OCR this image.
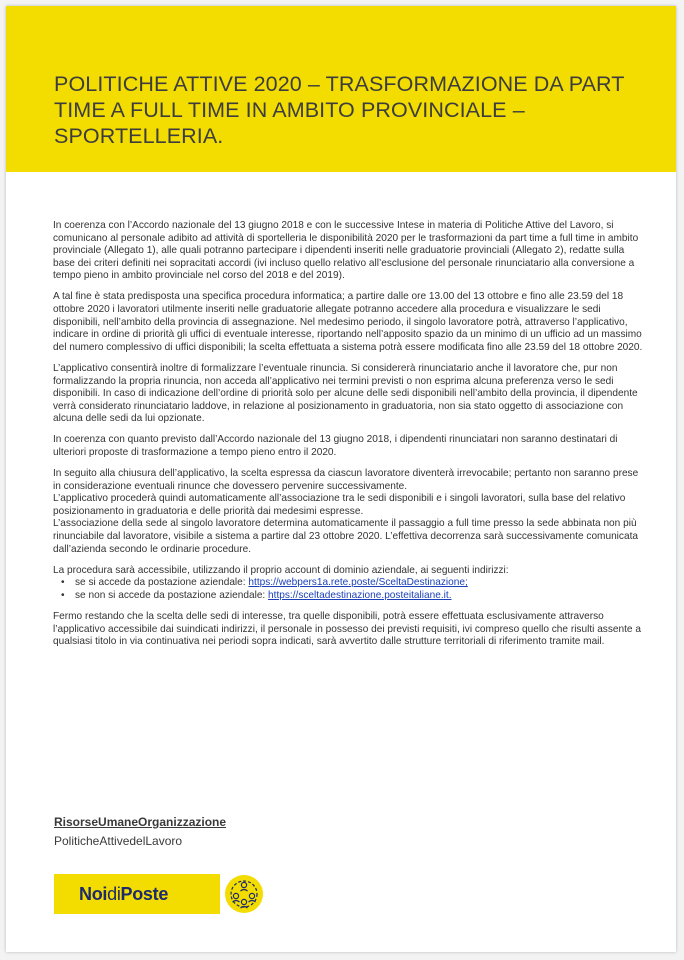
POLITICHE ATTIVE 2020 – TRASFORMAZIONE DA PART TIME A FULL TIME IN AMBITO PROVINCIALE – SPORTELLERIA.

In coerenza con l’Accordo nazionale del 13 giugno 2018 e con le successive Intese in materia di Politiche Attive del Lavoro, si comunicano al personale adibito ad attività di sportelleria le disponibilità 2020 per le trasformazioni da part time a full time in ambito provinciale (Allegato 1), alle quali potranno partecipare i dipendenti inseriti nelle graduatorie provinciali (Allegato 2), redatte sulla base dei criteri definiti nei sopracitati accordi (ivi incluso quello relativo all’esclusione del personale rinunciatario alla conversione a tempo pieno in ambito provinciale nel corso del 2018 e del 2019).

A tal fine è stata predisposta una specifica procedura informatica; a partire dalle ore 13.00 del 13 ottobre e fino alle 23.59 del 18 ottobre 2020 i lavoratori utilmente inseriti nelle graduatorie allegate potranno accedere alla procedura e visualizzare le sedi disponibili, nell’ambito della provincia di assegnazione. Nel medesimo periodo, il singolo lavoratore potrà, attraverso l’applicativo, indicare in ordine di priorità gli uffici di eventuale interesse, riportando nell’apposito spazio da un minimo di un ufficio ad un massimo del numero complessivo di uffici disponibili; la scelta effettuata a sistema potrà essere modificata fino alle 23.59 del 18 ottobre 2020.

L’applicativo consentirà inoltre di formalizzare l’eventuale rinuncia. Si considererà rinunciatario anche il lavoratore che, pur non formalizzando la propria rinuncia, non acceda all’applicativo nei termini previsti o non esprima alcuna preferenza verso le sedi disponibili. In caso di indicazione dell’ordine di priorità solo per alcune delle sedi disponibili nell’ambito della provincia, il dipendente verrà considerato rinunciatario laddove, in relazione al posizionamento in graduatoria, non sia stato oggetto di associazione con alcuna delle sedi da lui opzionate.

In coerenza con quanto previsto dall’Accordo nazionale del 13 giugno 2018, i dipendenti rinunciatari non saranno destinatari di ulteriori proposte di trasformazione a tempo pieno entro il 2020.

In seguito alla chiusura dell’applicativo, la scelta espressa da ciascun lavoratore diventerà irrevocabile; pertanto non saranno prese in considerazione eventuali rinunce che dovessero pervenire successivamente.
L’applicativo procederà quindi automaticamente all’associazione tra le sedi disponibili e i singoli lavoratori, sulla base del relativo posizionamento in graduatoria e delle priorità dai medesimi espresse.
L’associazione della sede al singolo lavoratore determina automaticamente il passaggio a full time presso la sede abbinata non più rinunciabile dal lavoratore, visibile a sistema a partire dal 23 ottobre 2020. L’effettiva decorrenza sarà successivamente comunicata dall’azienda secondo le ordinarie procedure.

La procedura sarà accessibile, utilizzando il proprio account di dominio aziendale, ai seguenti indirizzi:
• se si accede da postazione aziendale: https://webpers1a.rete.poste/SceltaDestinazione;
• se non si accede da postazione aziendale: https://sceltadestinazione.posteitaliane.it.

Fermo restando che la scelta delle sedi di interesse, tra quelle disponibili, potrà essere effettuata esclusivamente attraverso l’applicativo accessibile dai suindicati indirizzi, il personale in possesso dei previsti requisiti, ivi compreso quello che risulti assente a qualsiasi titolo in via continuativa nei periodi sopra indicati, sarà avvertito dalle strutture territoriali di riferimento tramite mail.

RisorseUmaneOrganizzazione
PoliticheAttivedelLavoro
NoidiPoste
